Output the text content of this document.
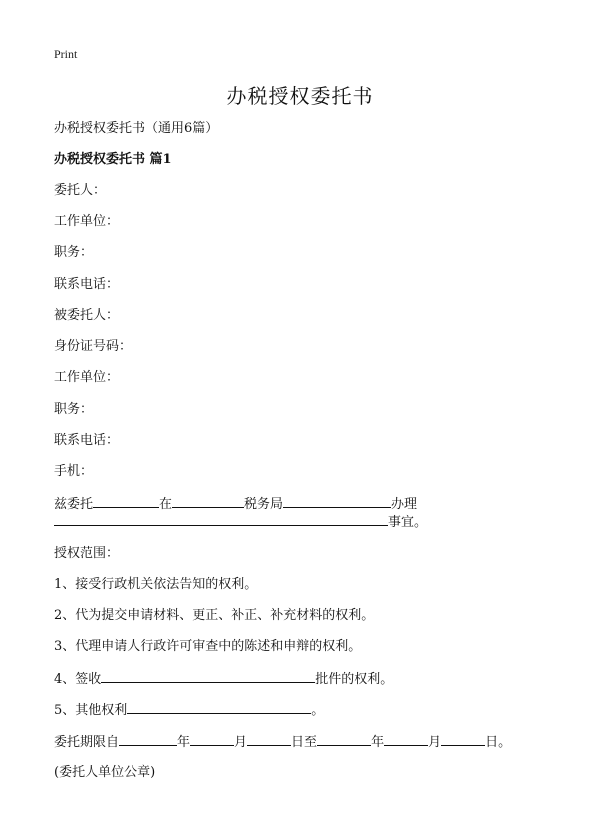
Print
办税授权委托书
办税授权委托书（通用6篇）
办税授权委托书 篇1
委托人：
工作单位：
职务：
联系电话：
被委托人：
身份证号码：
工作单位：
职务：
联系电话：
手机：
兹委托	在	税务局	办理
事宜。
授权范围：
1、接受行政机关依法告知的权利。
2、代为提交申请材料、更正、补正、补充材料的权利。
3、代理申请人行政许可审查中的陈述和申辩的权利。
4、签收	批件的权利。
5、其他权利	。
委托期限自	年	月	日至	年	月	日。
(委托人单位公章)
